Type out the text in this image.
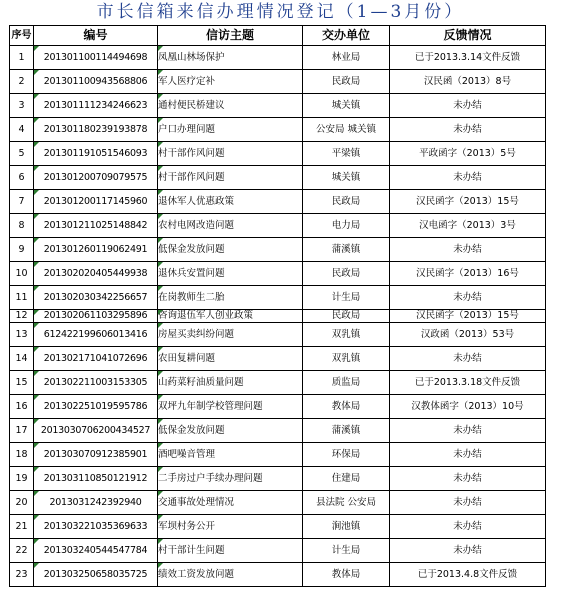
市长信箱来信办理情况登记（1—3月份）
序号	编号	信访主题	交办单位	反馈情况
1	201301100114494698	凤凰山林场保护	林业局	已于2013.3.14文件反馈
2	201301100943568806	军人医疗定补	民政局	汉民函（2013）8号
3	201301111234246623	通村便民桥建议	城关镇	未办结
4	201301180239193878	户口办理问题	公安局 城关镇	未办结
5	201301191051546093	村干部作风问题	平梁镇	平政函字（2013）5号
6	201301200709079575	村干部作风问题	城关镇	未办结
7	201301200117145960	退休军人优惠政策	民政局	汉民函字（2013）15号
8	201301211025148842	农村电网改造问题	电力局	汉电函字（2013）3号
9	201301260119062491	低保金发放问题	蒲溪镇	未办结
10	201302020405449938	退休兵安置问题	民政局	汉民函字（2013）16号
11	201302030342256657	在岗教师生二胎	计生局	未办结
12	201302061103295896	咨询退伍军人创业政策	民政局	汉民函字（2013）15号
13	612422199606013416	房屋买卖纠纷问题	双乳镇	汉政函（2013）53号
14	201302171041072696	农田复耕问题	双乳镇	未办结
15	201302211003153305	山药菜籽油质量问题	质监局	已于2013.3.18文件反馈
16	201302251019595786	双坪九年制学校管理问题	教体局	汉教体函字（2013）10号
17	201303070620043452​7	低保金发放问题	蒲溪镇	未办结
18	201303070912385901	酒吧噪音管理	环保局	未办结
19	201303110850121912	二手房过户手续办理问题	住建局	未办结
20	201303124239294​0	交通事故处理情况	县法院 公安局	未办结
21	201303221035369633	军坝村务公开	涧池镇	未办结
22	201303240544547784	村干部计生问题	计生局	未办结
23	201303250658035725	绩效工资发放问题	教体局	已于2013.4.8文件反馈
